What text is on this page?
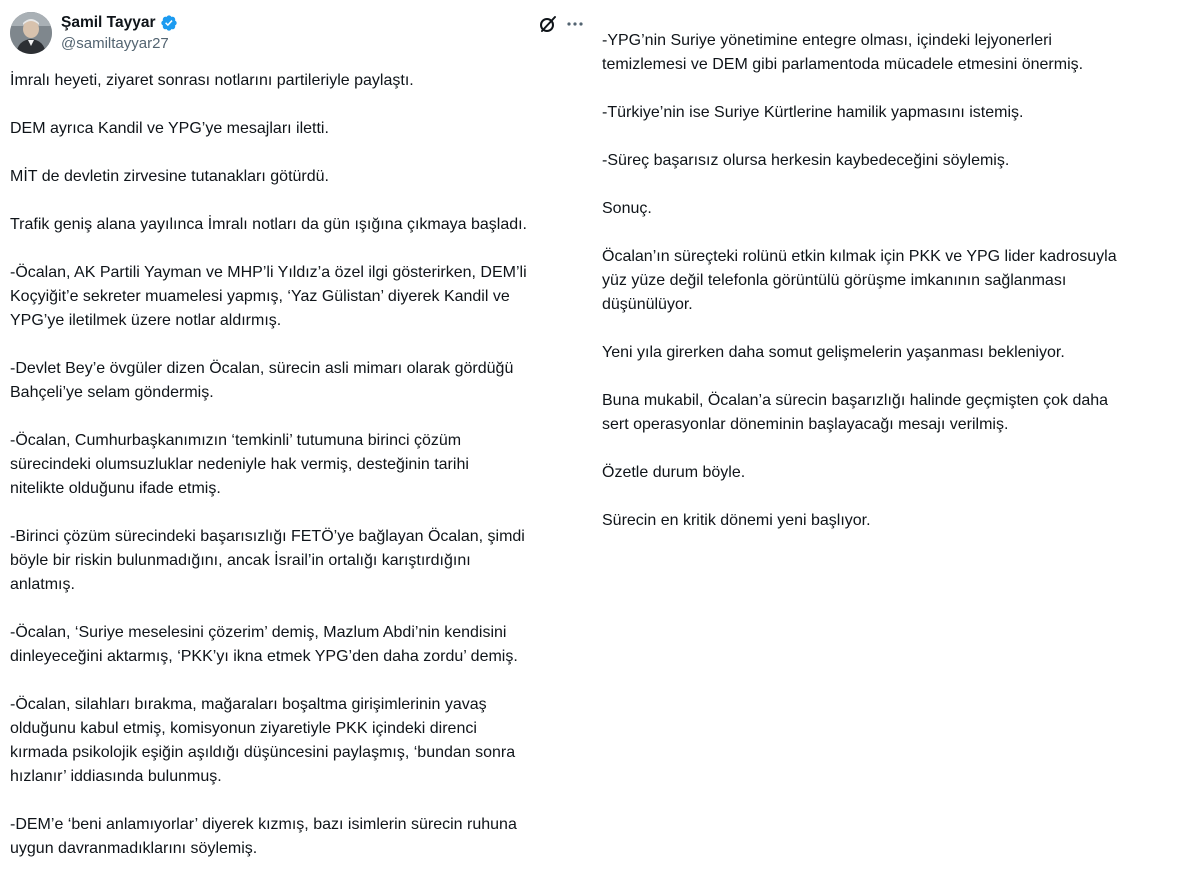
Şamil Tayyar
@samiltayyar27

İmralı heyeti, ziyaret sonrası notlarını partileriyle paylaştı.

DEM ayrıca Kandil ve YPG’ye mesajları iletti.

MİT de devletin zirvesine tutanakları götürdü.

Trafik geniş alana yayılınca İmralı notları da gün ışığına çıkmaya başladı.

-Öcalan, AK Partili Yayman ve MHP’li Yıldız’a özel ilgi gösterirken, DEM’li
Koçyiğit’e sekreter muamelesi yapmış, ‘Yaz Gülistan’ diyerek Kandil ve
YPG’ye iletilmek üzere notlar aldırmış.

-Devlet Bey’e övgüler dizen Öcalan, sürecin asli mimarı olarak gördüğü
Bahçeli’ye selam göndermiş.

-Öcalan, Cumhurbaşkanımızın ‘temkinli’ tutumuna birinci çözüm
sürecindeki olumsuzluklar nedeniyle hak vermiş, desteğinin tarihi
nitelikte olduğunu ifade etmiş.

-Birinci çözüm sürecindeki başarısızlığı FETÖ’ye bağlayan Öcalan, şimdi
böyle bir riskin bulunmadığını, ancak İsrail’in ortalığı karıştırdığını
anlatmış.

-Öcalan, ‘Suriye meselesini çözerim’ demiş, Mazlum Abdi’nin kendisini
dinleyeceğini aktarmış, ‘PKK’yı ikna etmek YPG’den daha zordu’ demiş.

-Öcalan, silahları bırakma, mağaraları boşaltma girişimlerinin yavaş
olduğunu kabul etmiş, komisyonun ziyaretiyle PKK içindeki direnci
kırmada psikolojik eşiğin aşıldığı düşüncesini paylaşmış, ‘bundan sonra
hızlanır’ iddiasında bulunmuş.

-DEM’e ‘beni anlamıyorlar’ diyerek kızmış, bazı isimlerin sürecin ruhuna
uygun davranmadıklarını söylemiş.

-YPG’nin Suriye yönetimine entegre olması, içindeki lejyonerleri
temizlemesi ve DEM gibi parlamentoda mücadele etmesini önermiş.

-Türkiye’nin ise Suriye Kürtlerine hamilik yapmasını istemiş.

-Süreç başarısız olursa herkesin kaybedeceğini söylemiş.

Sonuç.

Öcalan’ın süreçteki rolünü etkin kılmak için PKK ve YPG lider kadrosuyla
yüz yüze değil telefonla görüntülü görüşme imkanının sağlanması
düşünülüyor.

Yeni yıla girerken daha somut gelişmelerin yaşanması bekleniyor.

Buna mukabil, Öcalan’a sürecin başarızlığı halinde geçmişten çok daha
sert operasyonlar döneminin başlayacağı mesajı verilmiş.

Özetle durum böyle.

Sürecin en kritik dönemi yeni başlıyor.
